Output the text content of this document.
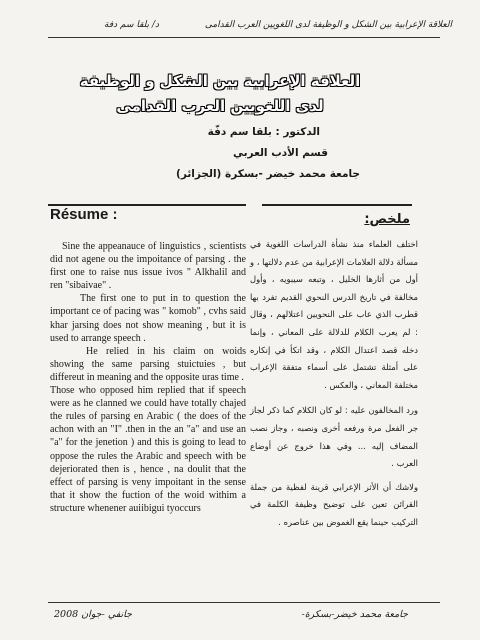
العلاقة الإعرابية بين الشكل و الوظيفة لدى اللغويين العرب القدامى
د/ بلقا سم دفة
العلاقة الإعرابية بين الشكل و الوظيفة
لدى اللغويين العرب القدامى
الدكتور : بلقا سم دفّة
قسم الأدب العربي
جامعة محمد خيضر -بسكرة (الجزائر)
Résume :	ملخص:

Sine the appeanauce of linguistics , scientists did not agene ou the impoitance of parsing . the first one to raise nus issue ivos " Alkhalil and ren "sibaivae" .

The first one to put in to question the important ce of pacing was " komob" , cvhs said khar jarsing does not show meaning , but it is used to arrange speech .

He relied in his claim on woids showing the same parsing stuictuies , but differeut in meaning and the opposite uras time .

Those who opposed him replied that if speech were as he clanned we could have totally chajed the rules of parsing en Arabic ( the does of the achon with an "I" .then in the an "a" and use an "a" for the jenetion ) and this is going to lead to oppose the rules the Arabic and speech with be dejeriorated then is , hence , na doulit that the effect of parsing is veny impoitant in the sense that it show the fuction of the woid withim a structure whenener auiibigui tyoccurs

اختلف العلماء منذ نشأة الدراسات اللغوية في مسألة دلالة العلامات الإعرابية من عدم دلالتها ، و أول من أثارها الخليل ، وتبعه سيبويه ، وأول مخالفة في تاريخ الدرس النحوي القديم تفرد بها قطرب الذي عاب على النحويين اعتلالهم ، وقال : لم يعرب الكلام للدلالة على المعاني ، وإنما دخله قصد اعتدال الكلام ، وقد اتكأ في إنكاره على أمثلة تشتمل على أسماء متفقة الإعراب مختلفة المعاني ، والعكس .

ورد المخالفون عليه : لو كان الكلام كما ذكر لجاز جر الفعل مرة ورفعه أخرى ونصبه ، وجاز نصب المضاف إليه ... وفي هذا خروج عن أوضاع العرب .

ولاشك أن الأثر الإعرابي قرينة لفظية من جملة القرائن تعين على توضيح وظيفة الكلمة في التركيب حينما يقع الغموض بين عناصره .

جامعة محمد خيضر-بسكرة-
جانفي -جوان 2008
